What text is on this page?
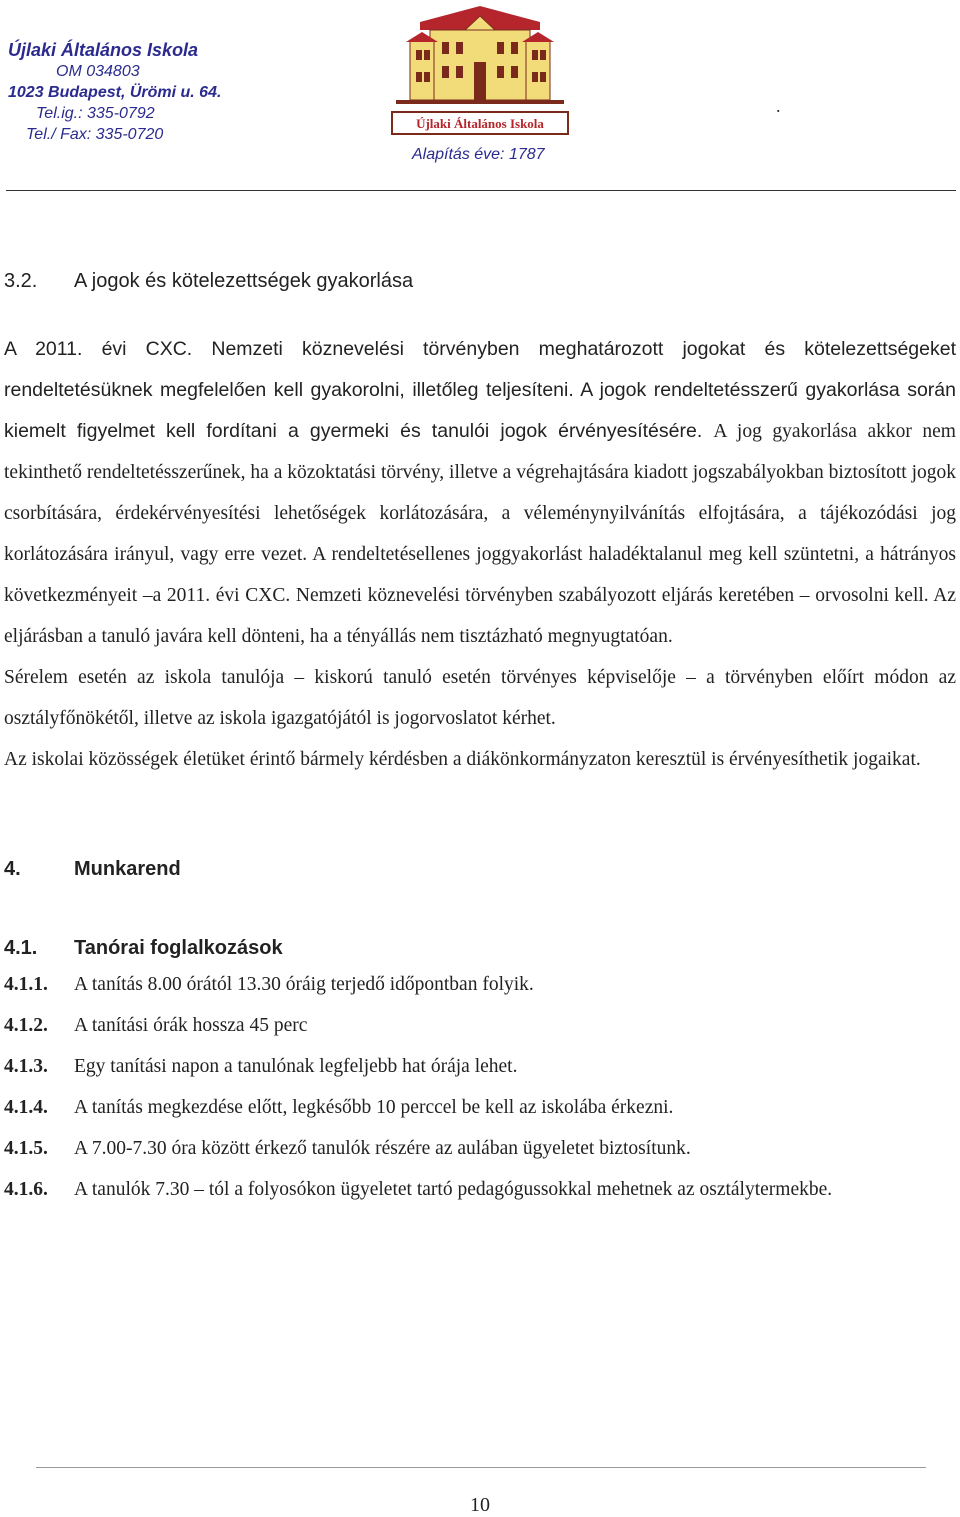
Újlaki Általános Iskola
OM 034803
1023 Budapest, Ürömi u. 64.
Tel.ig.: 335-0792
Tel./ Fax: 335-0720
Újlaki Általános Iskola
Alapítás éve: 1787
.
3.2.	A jogok és kötelezettségek gyakorlása

A 2011. évi CXC. Nemzeti köznevelési törvényben meghatározott jogokat és kötelezettségeket rendeltetésüknek megfelelően kell gyakorolni, illetőleg teljesíteni. A jogok rendeltetésszerű gyakorlása során kiemelt figyelmet kell fordítani a gyermeki és tanulói jogok érvényesítésére. A jog gyakorlása akkor nem tekinthető rendeltetésszerűnek, ha a közoktatási törvény, illetve a végrehajtására kiadott jogszabályokban biztosított jogok csorbítására, érdekérvényesítési lehetőségek korlátozására, a véleménynyilvánítás elfojtására, a tájékozódási jog korlátozására irányul, vagy erre vezet. A rendeltetésellenes joggyakorlást haladéktalanul meg kell szüntetni, a hátrányos következményeit –a 2011. évi CXC. Nemzeti köznevelési törvényben szabályozott eljárás keretében – orvosolni kell. Az eljárásban a tanuló javára kell dönteni, ha a tényállás nem tisztázható megnyugtatóan.

Sérelem esetén az iskola tanulója – kiskorú tanuló esetén törvényes képviselője – a törvényben előírt módon az osztályfőnökétől, illetve az iskola igazgatójától is jogorvoslatot kérhet.

Az iskolai közösségek életüket érintő bármely kérdésben a diákönkormányzaton keresztül is érvényesíthetik jogaikat.

4.	Munkarend
4.1.	Tanórai foglalkozások
4.1.1.	A tanítás 8.00 órától 13.30 óráig terjedő időpontban folyik.
4.1.2.	A tanítási órák hossza 45 perc
4.1.3.	Egy tanítási napon a tanulónak legfeljebb hat órája lehet.
4.1.4.	A tanítás megkezdése előtt, legkésőbb 10 perccel be kell az iskolába érkezni.
4.1.5.	A 7.00-7.30 óra között érkező tanulók részére az aulában ügyeletet biztosítunk.
4.1.6.	A tanulók 7.30 – tól a folyosókon ügyeletet tartó pedagógussokkal mehetnek az osztálytermekbe.
10
